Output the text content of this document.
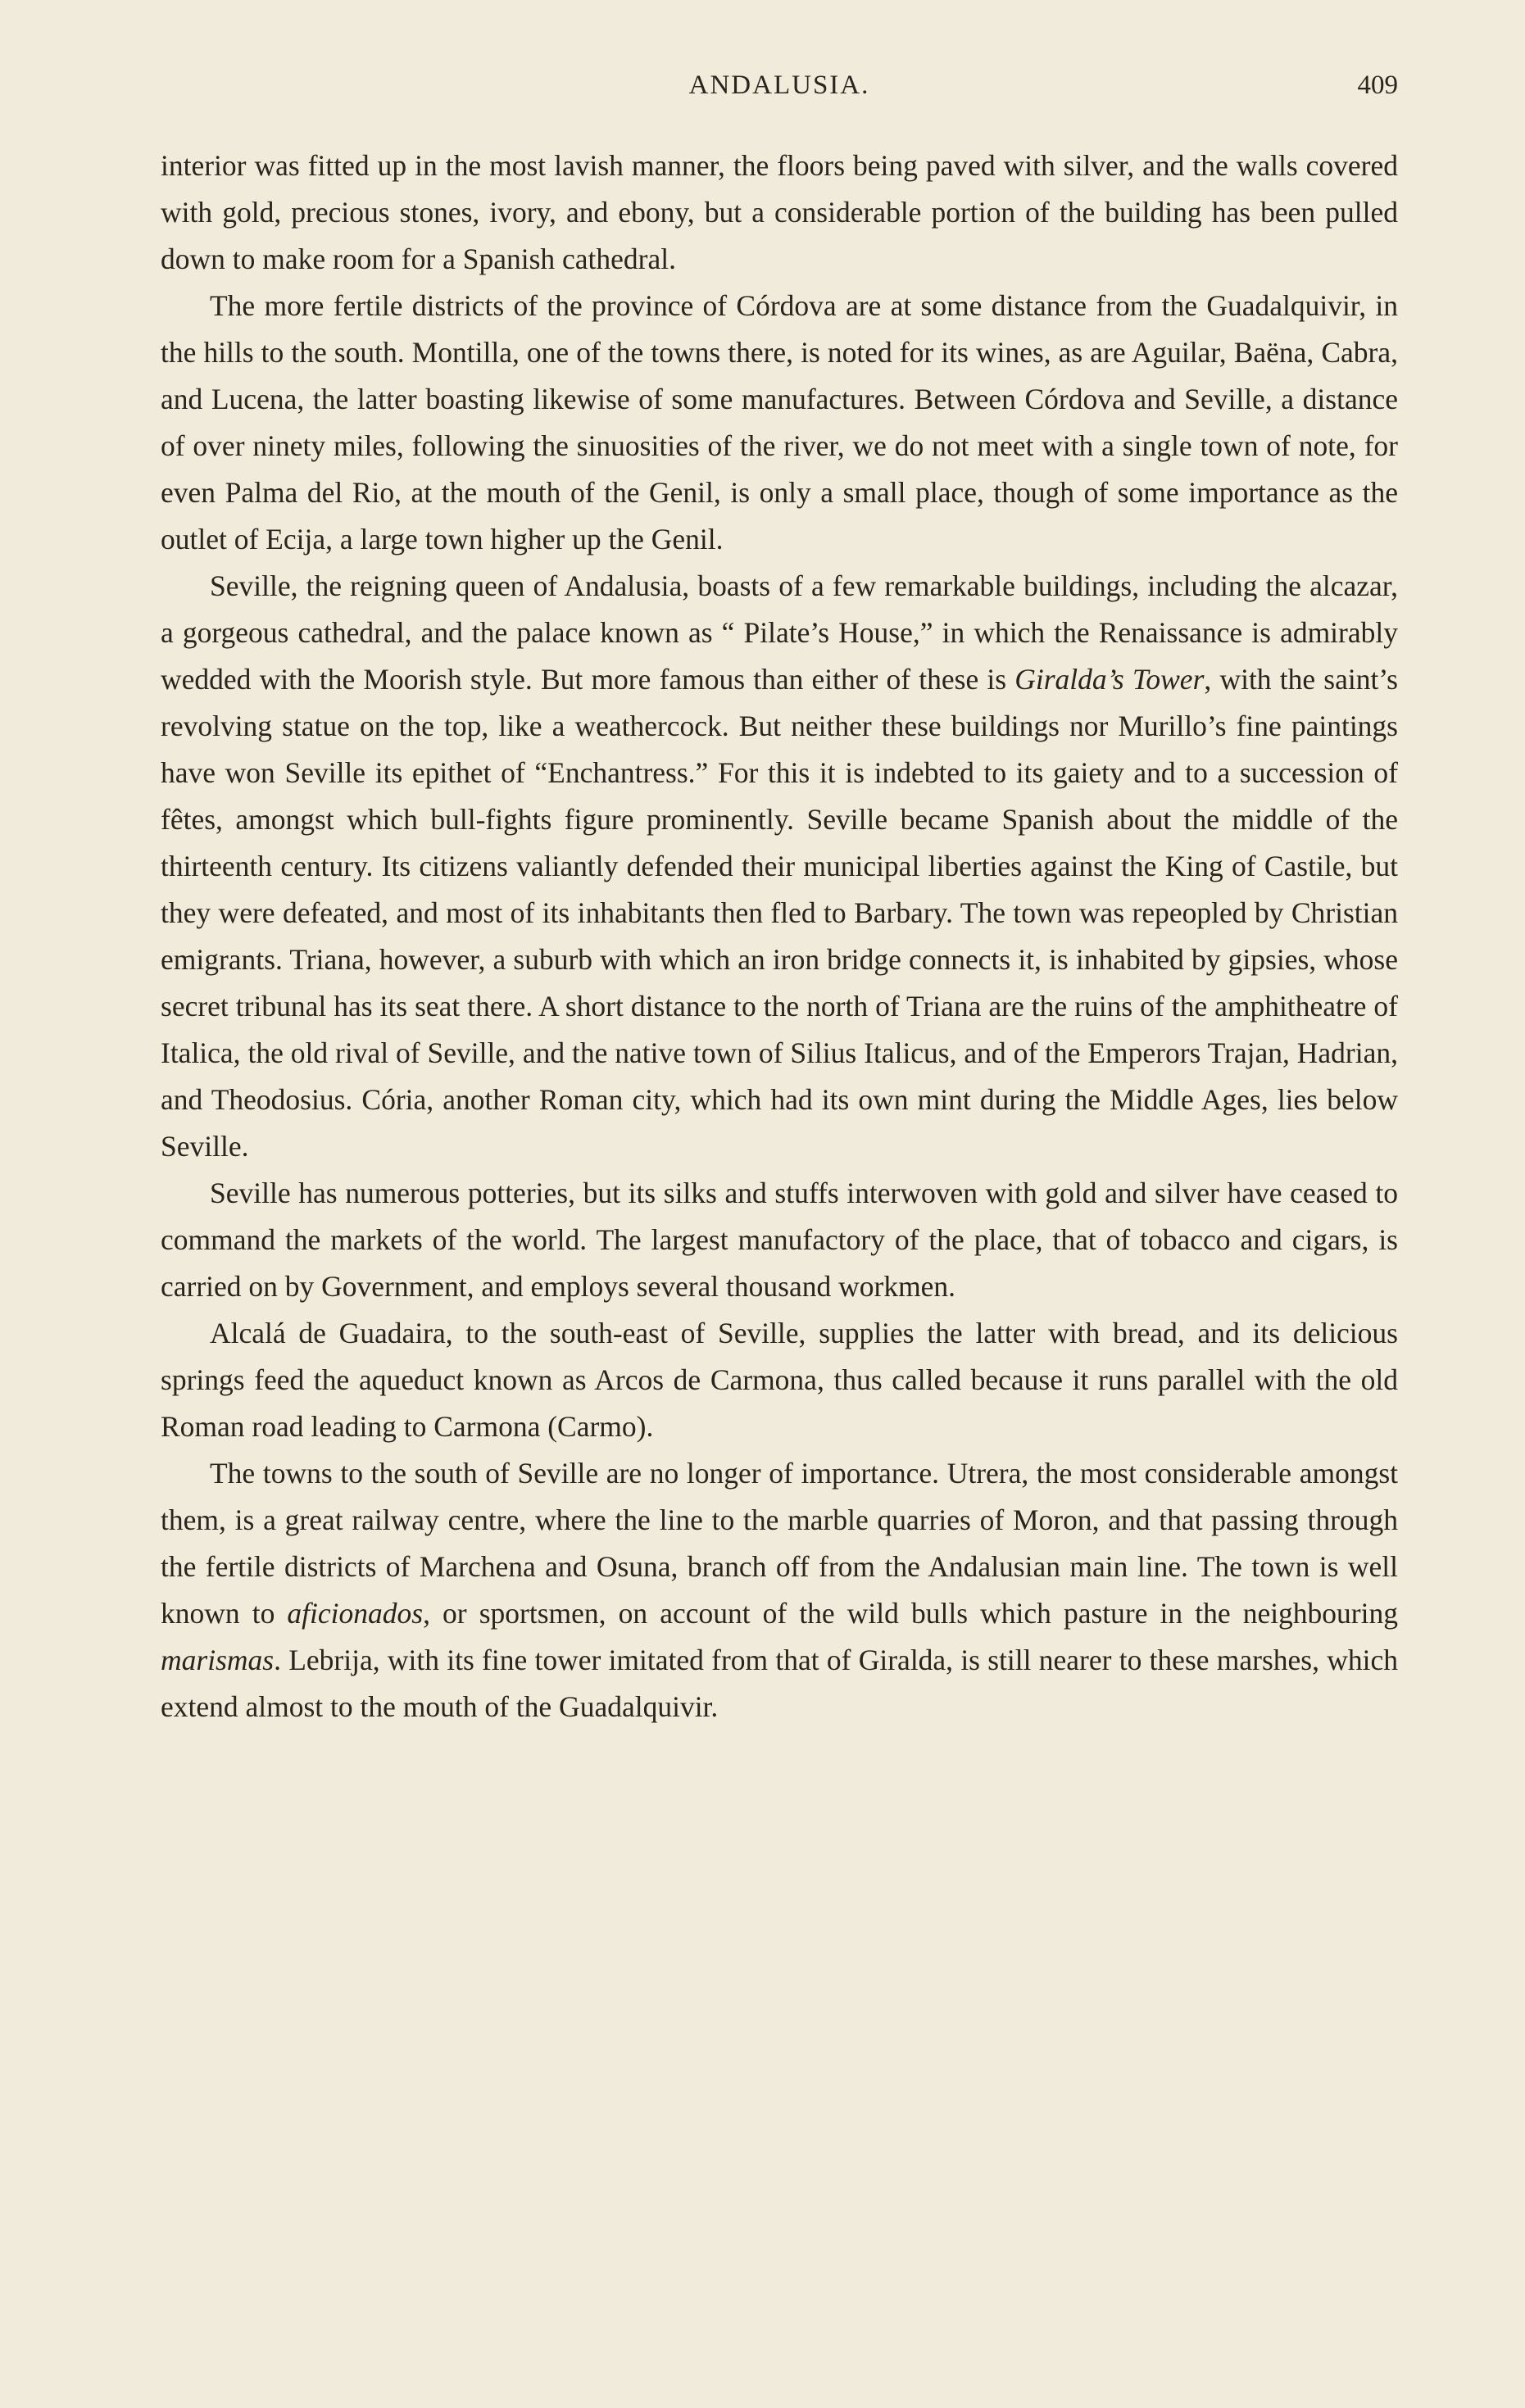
ANDALUSIA.	409

interior was fitted up in the most lavish manner, the floors being paved with silver, and the walls covered with gold, precious stones, ivory, and ebony, but a considerable portion of the building has been pulled down to make room for a Spanish cathedral.

The more fertile districts of the province of Córdova are at some distance from the Guadalquivir, in the hills to the south. Montilla, one of the towns there, is noted for its wines, as are Aguilar, Baëna, Cabra, and Lucena, the latter boasting likewise of some manufactures. Between Córdova and Seville, a distance of over ninety miles, following the sinuosities of the river, we do not meet with a single town of note, for even Palma del Rio, at the mouth of the Genil, is only a small place, though of some importance as the outlet of Ecija, a large town higher up the Genil.

Seville, the reigning queen of Andalusia, boasts of a few remarkable buildings, including the alcazar, a gorgeous cathedral, and the palace known as “ Pilate’s House,” in which the Renaissance is admirably wedded with the Moorish style. But more famous than either of these is Giralda’s Tower, with the saint’s revolving statue on the top, like a weathercock. But neither these buildings nor Murillo’s fine paintings have won Seville its epithet of “Enchantress.” For this it is indebted to its gaiety and to a succession of fêtes, amongst which bull-fights figure prominently. Seville became Spanish about the middle of the thirteenth century. Its citizens valiantly defended their municipal liberties against the King of Castile, but they were defeated, and most of its inhabitants then fled to Barbary. The town was repeopled by Christian emigrants. Triana, however, a suburb with which an iron bridge connects it, is inhabited by gipsies, whose secret tribunal has its seat there. A short distance to the north of Triana are the ruins of the amphitheatre of Italica, the old rival of Seville, and the native town of Silius Italicus, and of the Emperors Trajan, Hadrian, and Theodosius. Cória, another Roman city, which had its own mint during the Middle Ages, lies below Seville.

Seville has numerous potteries, but its silks and stuffs interwoven with gold and silver have ceased to command the markets of the world. The largest manufactory of the place, that of tobacco and cigars, is carried on by Government, and employs several thousand workmen.

Alcalá de Guadaira, to the south-east of Seville, supplies the latter with bread, and its delicious springs feed the aqueduct known as Arcos de Carmona, thus called because it runs parallel with the old Roman road leading to Carmona (Carmo).

The towns to the south of Seville are no longer of importance. Utrera, the most considerable amongst them, is a great railway centre, where the line to the marble quarries of Moron, and that passing through the fertile districts of Marchena and Osuna, branch off from the Andalusian main line. The town is well known to aficionados, or sportsmen, on account of the wild bulls which pasture in the neighbouring marismas. Lebrija, with its fine tower imitated from that of Giralda, is still nearer to these marshes, which extend almost to the mouth of the Guadalquivir.
